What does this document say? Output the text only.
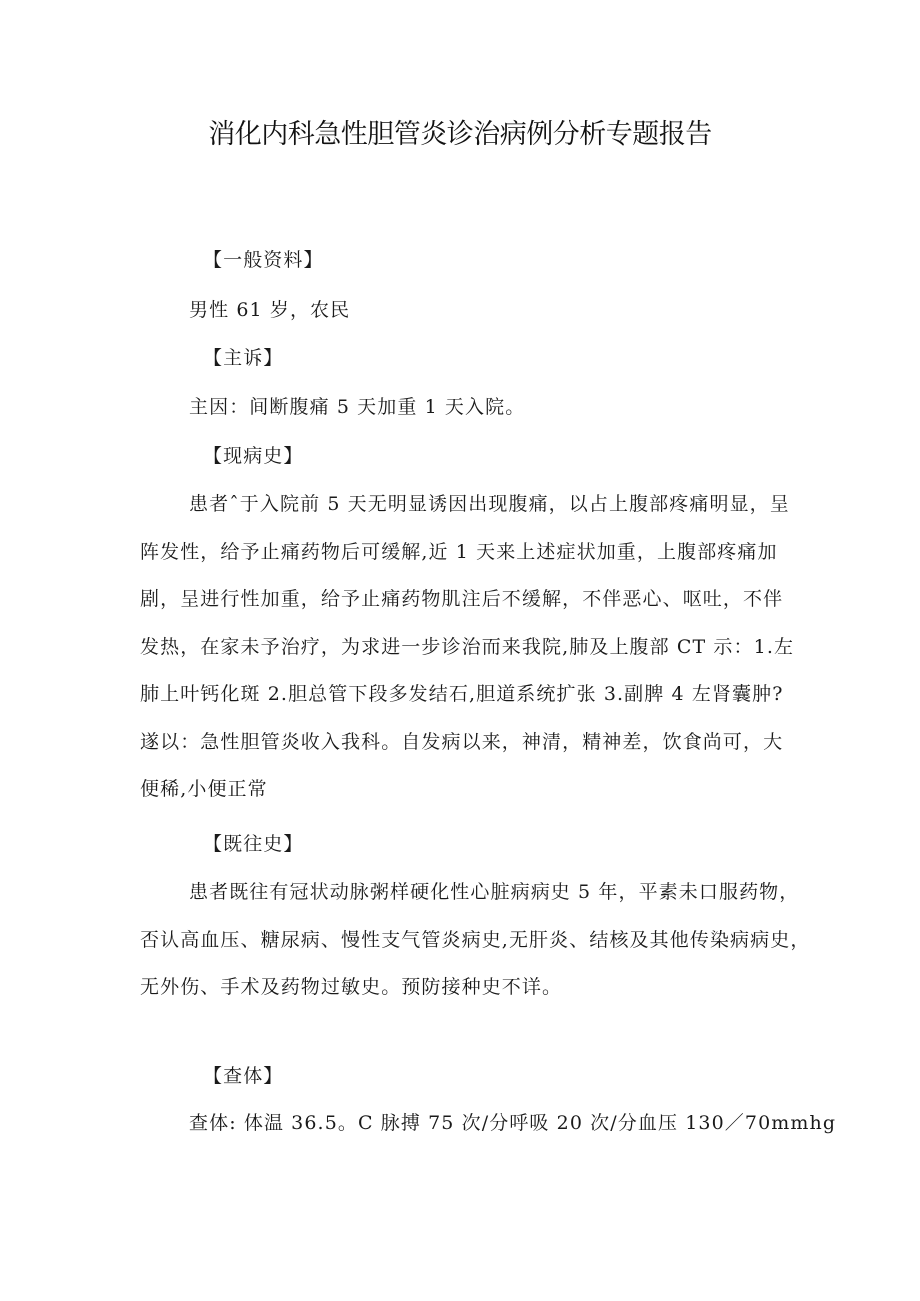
消化内科急性胆管炎诊治病例分析专题报告
【一般资料】
男性 61 岁，农民
【主诉】
主因：间断腹痛 5 天加重 1 天入院。
【现病史】
患者ˆ于入院前 5 天无明显诱因出现腹痛，以占上腹部疼痛明显，呈
阵发性，给予止痛药物后可缓解,近 1 天来上述症状加重，上腹部疼痛加
剧，呈进行性加重，给予止痛药物肌注后不缓解，不伴恶心、呕吐，不伴
发热，在家未予治疗，为求进一步诊治而来我院,肺及上腹部 CT 示：1.左
肺上叶钙化斑 2.胆总管下段多发结石,胆道系统扩张 3.副脾 4 左肾囊肿?
遂以：急性胆管炎收入我科。自发病以来，神清，精神差，饮食尚可，大
便稀,小便正常
【既往史】
患者既往有冠状动脉粥样硬化性心脏病病史 5 年，平素未口服药物，
否认高血压、糖尿病、慢性支气管炎病史,无肝炎、结核及其他传染病病史，
无外伤、手术及药物过敏史。预防接种史不详。
【查体】
查体: 体温 36.5。C 脉搏 75 次/分呼吸 20 次/分血压 130／70mmhg
